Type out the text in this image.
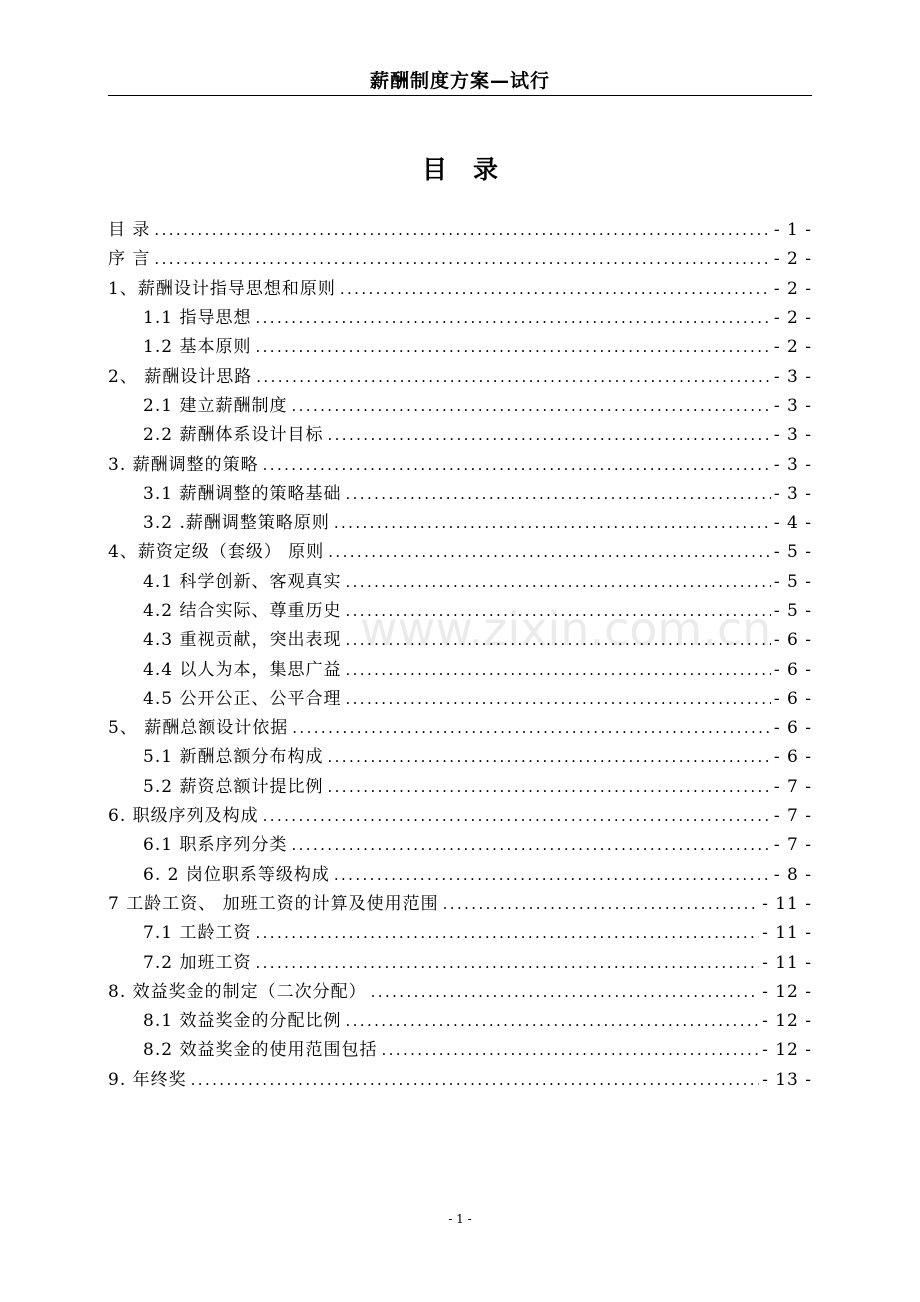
薪酬制度方案—试行
目 录
目 录 .....	- 1 -
序 言 .....	- 2 -
1、薪酬设计指导思想和原则 .....	- 2 -
1.1 指导思想 .....	- 2 -
1.2 基本原则 .....	- 2 -
2、 薪酬设计思路 .....	- 3 -
2.1 建立薪酬制度 .....	- 3 -
2.2 薪酬体系设计目标 .....	- 3 -
3. 薪酬调整的策略 .....	- 3 -
3.1 薪酬调整的策略基础 .....	- 3 -
3.2 .薪酬调整策略原则 .....	- 4 -
4、薪资定级（套级） 原则 .....	- 5 -
4.1 科学创新、客观真实 .....	- 5 -
4.2 结合实际、尊重历史 .....	- 5 -
4.3 重视贡献，突出表现 .....	- 6 -
4.4 以人为本，集思广益 .....	- 6 -
4.5 公开公正、公平合理 .....	- 6 -
5、 薪酬总额设计依据 .....	- 6 -
5.1 新酬总额分布构成 .....	- 6 -
5.2 薪资总额计提比例 .....	- 7 -
6. 职级序列及构成 .....	- 7 -
6.1 职系序列分类 .....	- 7 -
6. 2 岗位职系等级构成 .....	- 8 -
7 工龄工资、 加班工资的计算及使用范围 .....	- 11 -
7.1 工龄工资 .....	- 11 -
7.2 加班工资 .....	- 11 -
8. 效益奖金的制定（二次分配） .....	- 12 -
8.1 效益奖金的分配比例 .....	- 12 -
8.2 效益奖金的使用范围包括 .....	- 12 -
9. 年终奖 .....	- 13 -
www.zixin.com.cn
- 1 -
